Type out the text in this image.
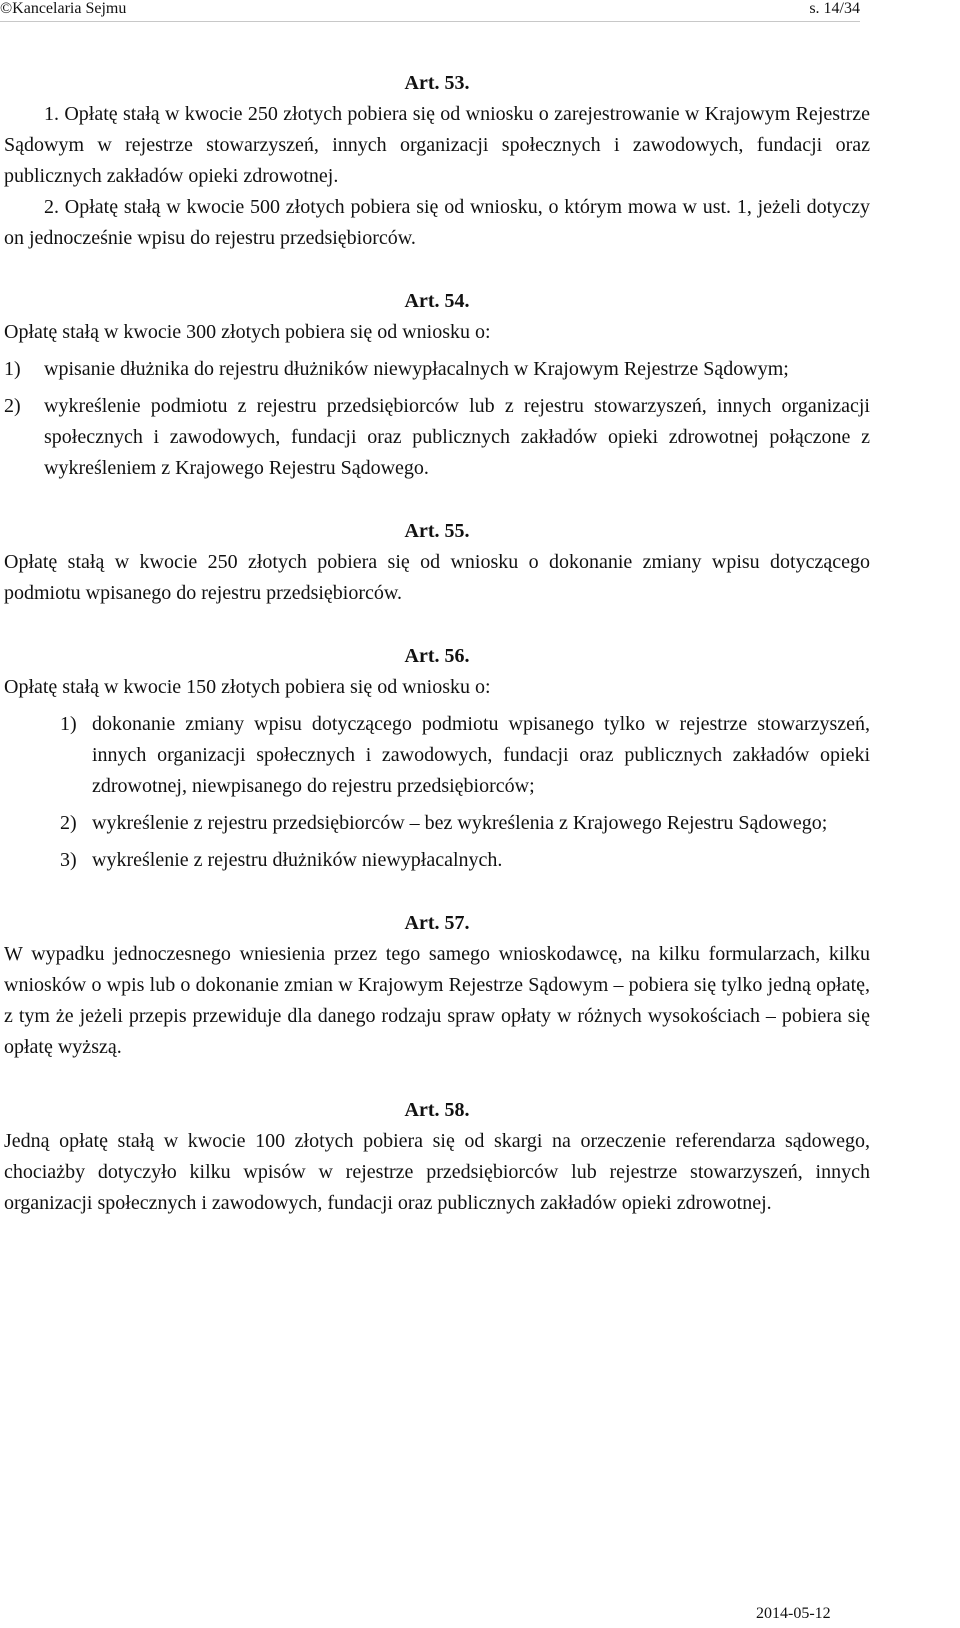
©Kancelaria Sejmu	s. 14/34

Art. 53.

1. Opłatę stałą w kwocie 250 złotych pobiera się od wniosku o zarejestrowanie w Krajowym Rejestrze Sądowym w rejestrze stowarzyszeń, innych organizacji społecznych i zawodowych, fundacji oraz publicznych zakładów opieki zdrowotnej.

2. Opłatę stałą w kwocie 500 złotych pobiera się od wniosku, o którym mowa w ust. 1, jeżeli dotyczy on jednocześnie wpisu do rejestru przedsiębiorców.

Art. 54.

Opłatę stałą w kwocie 300 złotych pobiera się od wniosku o:

1) wpisanie dłużnika do rejestru dłużników niewypłacalnych w Krajowym Rejestrze Sądowym;
2) wykreślenie podmiotu z rejestru przedsiębiorców lub z rejestru stowarzyszeń, innych organizacji społecznych i zawodowych, fundacji oraz publicznych zakładów opieki zdrowotnej połączone z wykreśleniem z Krajowego Rejestru Sądowego.

Art. 55.

Opłatę stałą w kwocie 250 złotych pobiera się od wniosku o dokonanie zmiany wpisu dotyczącego podmiotu wpisanego do rejestru przedsiębiorców.

Art. 56.

Opłatę stałą w kwocie 150 złotych pobiera się od wniosku o:

1) dokonanie zmiany wpisu dotyczącego podmiotu wpisanego tylko w rejestrze stowarzyszeń, innych organizacji społecznych i zawodowych, fundacji oraz publicznych zakładów opieki zdrowotnej, niewpisanego do rejestru przedsiębiorców;
2) wykreślenie z rejestru przedsiębiorców – bez wykreślenia z Krajowego Rejestru Sądowego;
3) wykreślenie z rejestru dłużników niewypłacalnych.

Art. 57.

W wypadku jednoczesnego wniesienia przez tego samego wnioskodawcę, na kilku formularzach, kilku wniosków o wpis lub o dokonanie zmian w Krajowym Rejestrze Sądowym – pobiera się tylko jedną opłatę, z tym że jeżeli przepis przewiduje dla danego rodzaju spraw opłaty w różnych wysokościach – pobiera się opłatę wyższą.

Art. 58.

Jedną opłatę stałą w kwocie 100 złotych pobiera się od skargi na orzeczenie referendarza sądowego, chociażby dotyczyło kilku wpisów w rejestrze przedsiębiorców lub rejestrze stowarzyszeń, innych organizacji społecznych i zawodowych, fundacji oraz publicznych zakładów opieki zdrowotnej.

2014-05-12
